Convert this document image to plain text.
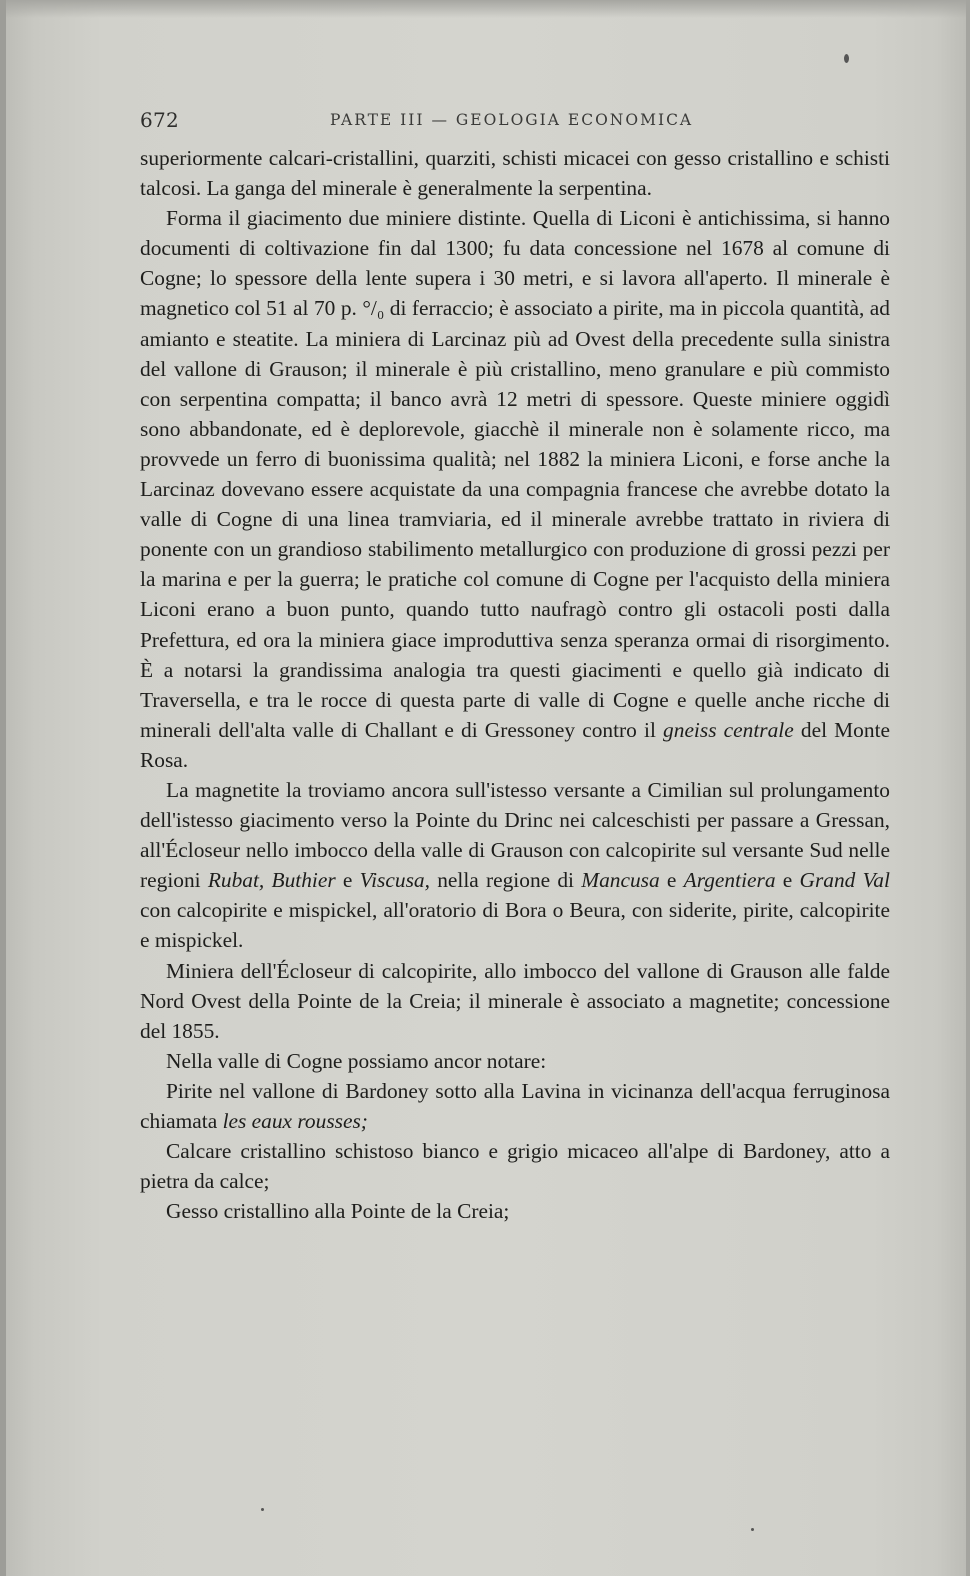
672	PARTE III — GEOLOGIA ECONOMICA

superiormente calcari-cristallini, quarziti, schisti micacei con gesso cristallino e schisti talcosi. La ganga del minerale è generalmente la serpentina.

Forma il giacimento due miniere distinte. Quella di Liconi è antichissima, si hanno documenti di coltivazione fin dal 1300; fu data concessione nel 1678 al comune di Cogne; lo spessore della lente supera i 30 metri, e si lavora all'aperto. Il minerale è magnetico col 51 al 70 p. °/₀ di ferraccio; è associato a pirite, ma in piccola quantità, ad amianto e steatite. La miniera di Larcinaz più ad Ovest della precedente sulla sinistra del vallone di Grauson; il minerale è più cristallino, meno granulare e più commisto con serpentina compatta; il banco avrà 12 metri di spessore. Queste miniere oggidì sono abbandonate, ed è deplorevole, giacchè il minerale non è solamente ricco, ma provvede un ferro di buonissima qualità; nel 1882 la miniera Liconi, e forse anche la Larcinaz dovevano essere acquistate da una compagnia francese che avrebbe dotato la valle di Cogne di una linea tramviaria, ed il minerale avrebbe trattato in riviera di ponente con un grandioso stabilimento metallurgico con produzione di grossi pezzi per la marina e per la guerra; le pratiche col comune di Cogne per l'acquisto della miniera Liconi erano a buon punto, quando tutto naufragò contro gli ostacoli posti dalla Prefettura, ed ora la miniera giace improduttiva senza speranza ormai di risorgimento. È a notarsi la grandissima analogia tra questi giacimenti e quello già indicato di Traversella, e tra le rocce di questa parte di valle di Cogne e quelle anche ricche di minerali dell'alta valle di Challant e di Gressoney contro il gneiss centrale del Monte Rosa.

La magnetite la troviamo ancora sull'istesso versante a Cimilian sul prolungamento dell'istesso giacimento verso la Pointe du Drinc nei calceschisti per passare a Gressan, all'Écloseur nello imbocco della valle di Grauson con calcopirite sul versante Sud nelle regioni Rubat, Buthier e Viscusa, nella regione di Mancusa e Argentiera e Grand Val con calcopirite e mispickel, all'oratorio di Bora o Beura, con siderite, pirite, calcopirite e mispickel.

Miniera dell'Écloseur di calcopirite, allo imbocco del vallone di Grauson alle falde Nord Ovest della Pointe de la Creia; il minerale è associato a magnetite; concessione del 1855.

Nella valle di Cogne possiamo ancor notare:

Pirite nel vallone di Bardoney sotto alla Lavina in vicinanza dell'acqua ferruginosa chiamata les eaux rousses;

Calcare cristallino schistoso bianco e grigio micaceo all'alpe di Bardoney, atto a pietra da calce;

Gesso cristallino alla Pointe de la Creia;
